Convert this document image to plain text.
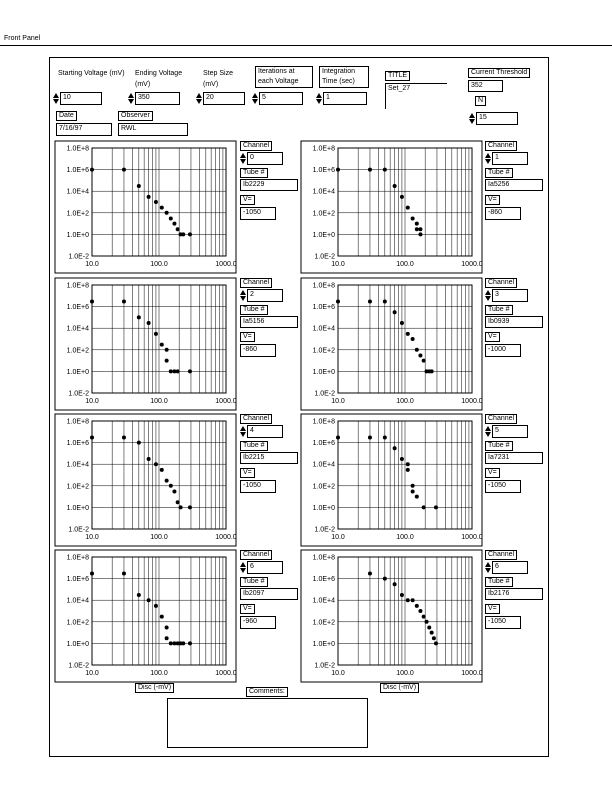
Front Panel
Starting Voltage (mV)
10
Ending Voltage (mV)
350
Step Size (mV)
20
Iterations at each Voltage
5
Integration Time (sec)
1
TITLE
Set_27
Current Threshold
352
N
15
Date
7/16/97
Observer
RWL
1.0E+8
1.0E+6
1.0E+4
1.0E+2
1.0E+0
1.0E-2
10.0	100.0	1000.0
Channel
0
Tube #
Ib2229
V=
-1050
1.0E+8
1.0E+6
1.0E+4
1.0E+2
1.0E+0
1.0E-2
10.0	100.0	1000.0
Channel
1
Tube #
Ia5256
V=
-860
1.0E+8
1.0E+6
1.0E+4
1.0E+2
1.0E+0
1.0E-2
10.0	100.0	1000.0
Channel
2
Tube #
Ia5156
V=
-860
1.0E+8
1.0E+6
1.0E+4
1.0E+2
1.0E+0
1.0E-2
10.0	100.0	1000.0
Channel
3
Tube #
Ib0939
V=
-1000
1.0E+8
1.0E+6
1.0E+4
1.0E+2
1.0E+0
1.0E-2
10.0	100.0	1000.0
Channel
4
Tube #
Ib2215
V=
-1050
1.0E+8
1.0E+6
1.0E+4
1.0E+2
1.0E+0
1.0E-2
10.0	100.0	1000.0
Channel
5
Tube #
Ia7231
V=
-1050
1.0E+8
1.0E+6
1.0E+4
1.0E+2
1.0E+0
1.0E-2
10.0	100.0	1000.0
Channel
6
Tube #
Ib2097
V=
-960
1.0E+8
1.0E+6
1.0E+4
1.0E+2
1.0E+0
1.0E-2
10.0	100.0	1000.0
Channel
6
Tube #
Ib2176
V=
-1050
Disc (-mV)	Disc (-mV)
Comments:
